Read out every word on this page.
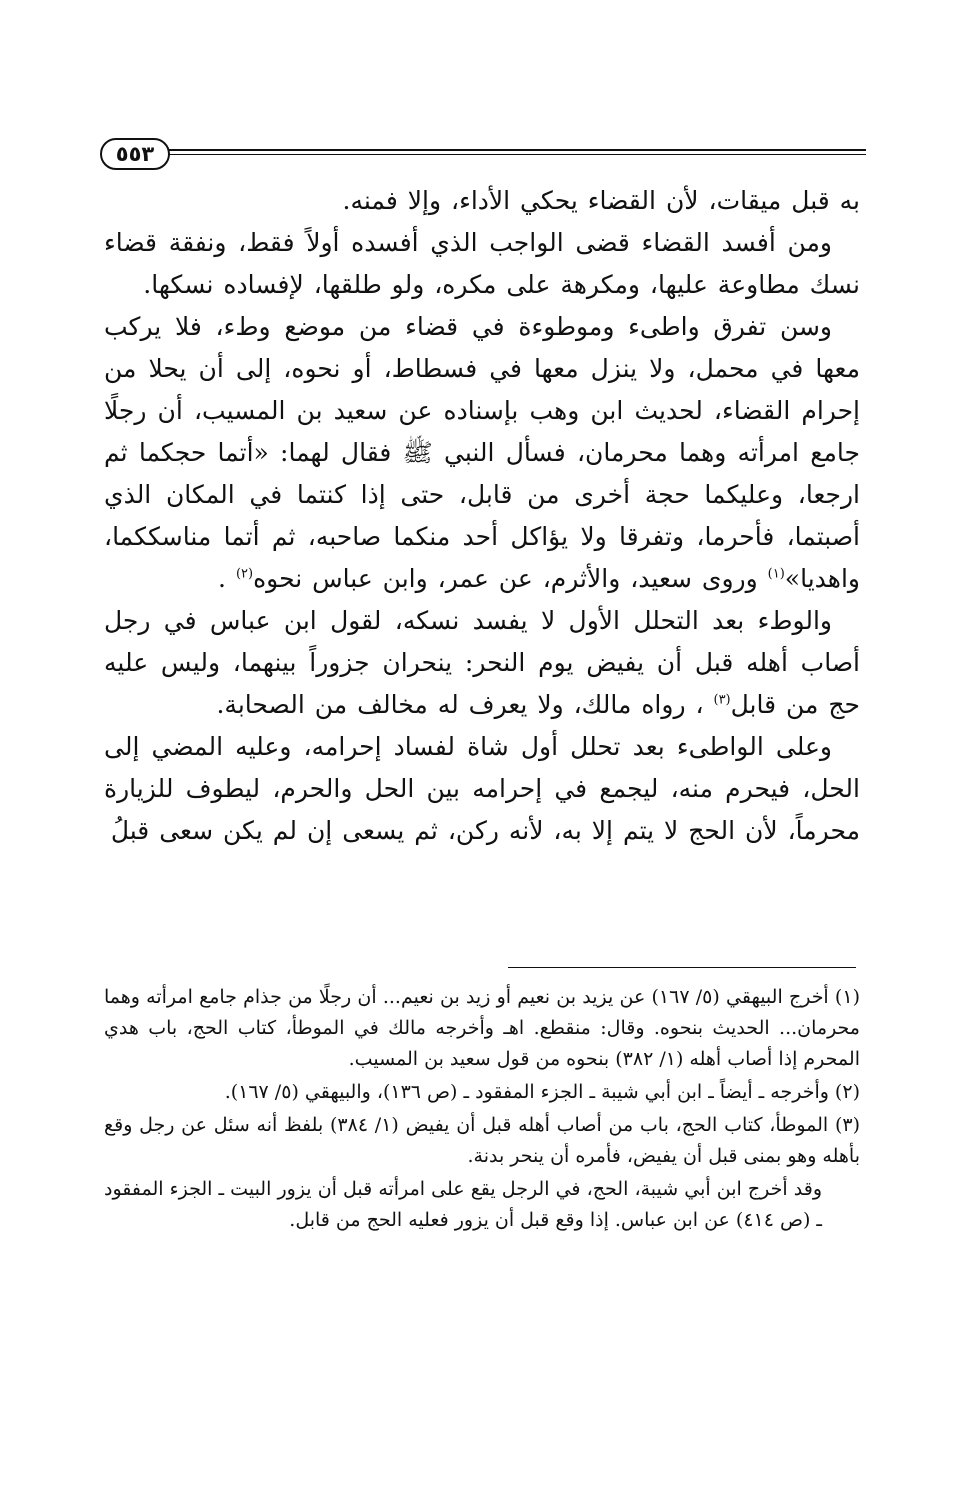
٥٥٣

به قبل ميقات، لأن القضاء يحكي الأداء، وإلا فمنه.

ومن أفسد القضاء قضى الواجب الذي أفسده أولاً فقط، ونفقة قضاء نسك مطاوعة عليها، ومكرهة على مكره، ولو طلقها، لإفساده نسكها.

وسن تفرق واطىء وموطوءة في قضاء من موضع وطء، فلا يركب معها في محمل، ولا ينزل معها في فسطاط، أو نحوه، إلى أن يحلا من إحرام القضاء، لحديث ابن وهب بإسناده عن سعيد بن المسيب، أن رجلًا جامع امرأته وهما محرمان، فسأل النبي ﷺ فقال لهما: «أتما حجكما ثم ارجعا، وعليكما حجة أخرى من قابل، حتى إذا كنتما في المكان الذي أصبتما، فأحرما، وتفرقا ولا يؤاكل أحد منكما صاحبه، ثم أتما مناسككما، واهديا»$^{(١)}$ وروى سعيد، والأثرم، عن عمر، وابن عباس نحوه$^{(٢)}$ .

والوطء بعد التحلل الأول لا يفسد نسكه، لقول ابن عباس في رجل أصاب أهله قبل أن يفيض يوم النحر: ينحران جزوراً بينهما، وليس عليه حج من قابل$^{(٣)}$ ، رواه مالك، ولا يعرف له مخالف من الصحابة.

وعلى الواطىء بعد تحلل أول شاة لفساد إحرامه، وعليه المضي إلى الحل، فيحرم منه، ليجمع في إحرامه بين الحل والحرم، ليطوف للزيارة محرماً، لأن الحج لا يتم إلا به، لأنه ركن، ثم يسعى إن لم يكن سعى قبلُ

(١) أخرج البيهقي (٥/ ١٦٧) عن يزيد بن نعيم أو زيد بن نعيم... أن رجلًا من جذام جامع امرأته وهما محرمان... الحديث بنحوه. وقال: منقطع. اهـ وأخرجه مالك في الموطأ، كتاب الحج، باب هدي المحرم إذا أصاب أهله (١/ ٣٨٢) بنحوه من قول سعيد بن المسيب.

(٢) وأخرجه ـ أيضاً ـ ابن أبي شيبة ـ الجزء المفقود ـ (ص ١٣٦)، والبيهقي (٥/ ١٦٧).

(٣) الموطأ، كتاب الحج، باب من أصاب أهله قبل أن يفيض (١/ ٣٨٤) بلفظ أنه سئل عن رجل وقع بأهله وهو بمنى قبل أن يفيض، فأمره أن ينحر بدنة.

وقد أخرج ابن أبي شيبة، الحج، في الرجل يقع على امرأته قبل أن يزور البيت ـ الجزء المفقود ـ (ص ٤١٤) عن ابن عباس. إذا وقع قبل أن يزور فعليه الحج من قابل.
